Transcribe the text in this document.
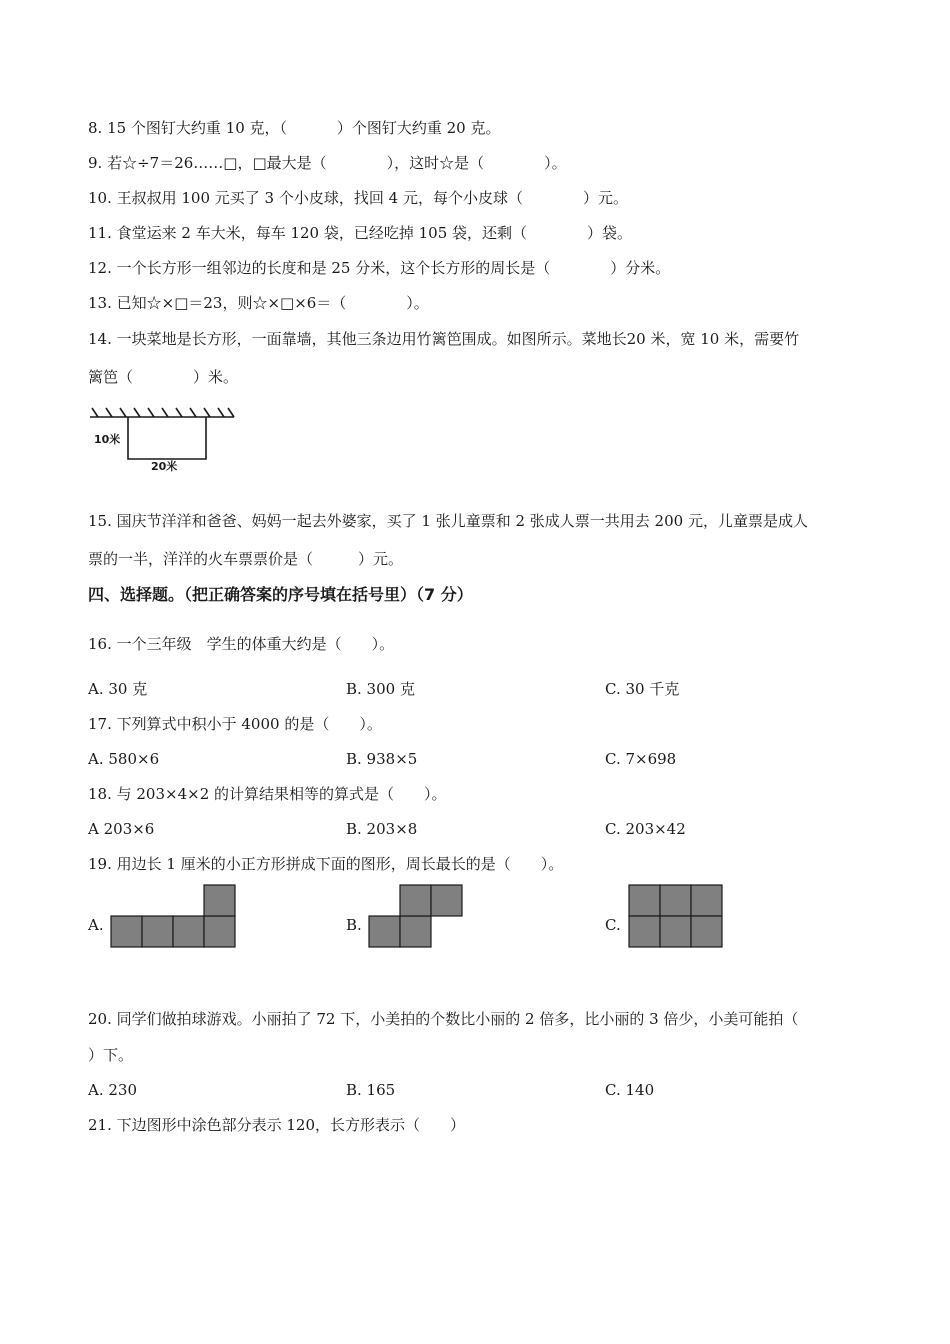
8. 15 个图钉大约重 10 克，（　　　 ）个图钉大约重 20 克。
9. 若☆÷7＝26……□，□最大是（　　　　），这时☆是（　　　　）。
10. 王叔叔用 100 元买了 3 个小皮球，找回 4 元，每个小皮球（　　　　）元。
11. 食堂运来 2 车大米，每车 120 袋，已经吃掉 105 袋，还剩（　　　　）袋。
12. 一个长方形一组邻边的长度和是 25 分米，这个长方形的周长是（　　　　）分米。
13. 已知☆×□＝23，则☆×□×6＝（　　　　）。
14. 一块菜地是长方形，一面靠墙，其他三条边用竹篱笆围成。如图所示。菜地长20 米，宽 10 米，需要竹
篱笆（　　　　）米。
10米
20米
15. 国庆节洋洋和爸爸、妈妈一起去外婆家，买了 1 张儿童票和 2 张成人票一共用去 200 元，儿童票是成人
票的一半，洋洋的火车票票价是（　　　）元。
四、选择题。（把正确答案的序号填在括号里）（7 分）
16. 一个三年级　学生的体重大约是（　　）。
A. 30 克	B. 300 克	C. 30 千克
17. 下列算式中积小于 4000 的是（　　）。
A. 580×6	B. 938×5	C. 7×698
18. 与 203×4×2 的计算结果相等的算式是（　　）。
A 203×6	B. 203×8	C. 203×42
19. 用边长 1 厘米的小正方形拼成下面的图形，周长最长的是（　　）。
A.	B.	C.
20. 同学们做拍球游戏。小丽拍了 72 下，小美拍的个数比小丽的 2 倍多，比小丽的 3 倍少，小美可能拍（
）下。
A. 230	B. 165	C. 140
21. 下边图形中涂色部分表示 120，长方形表示（　　）
